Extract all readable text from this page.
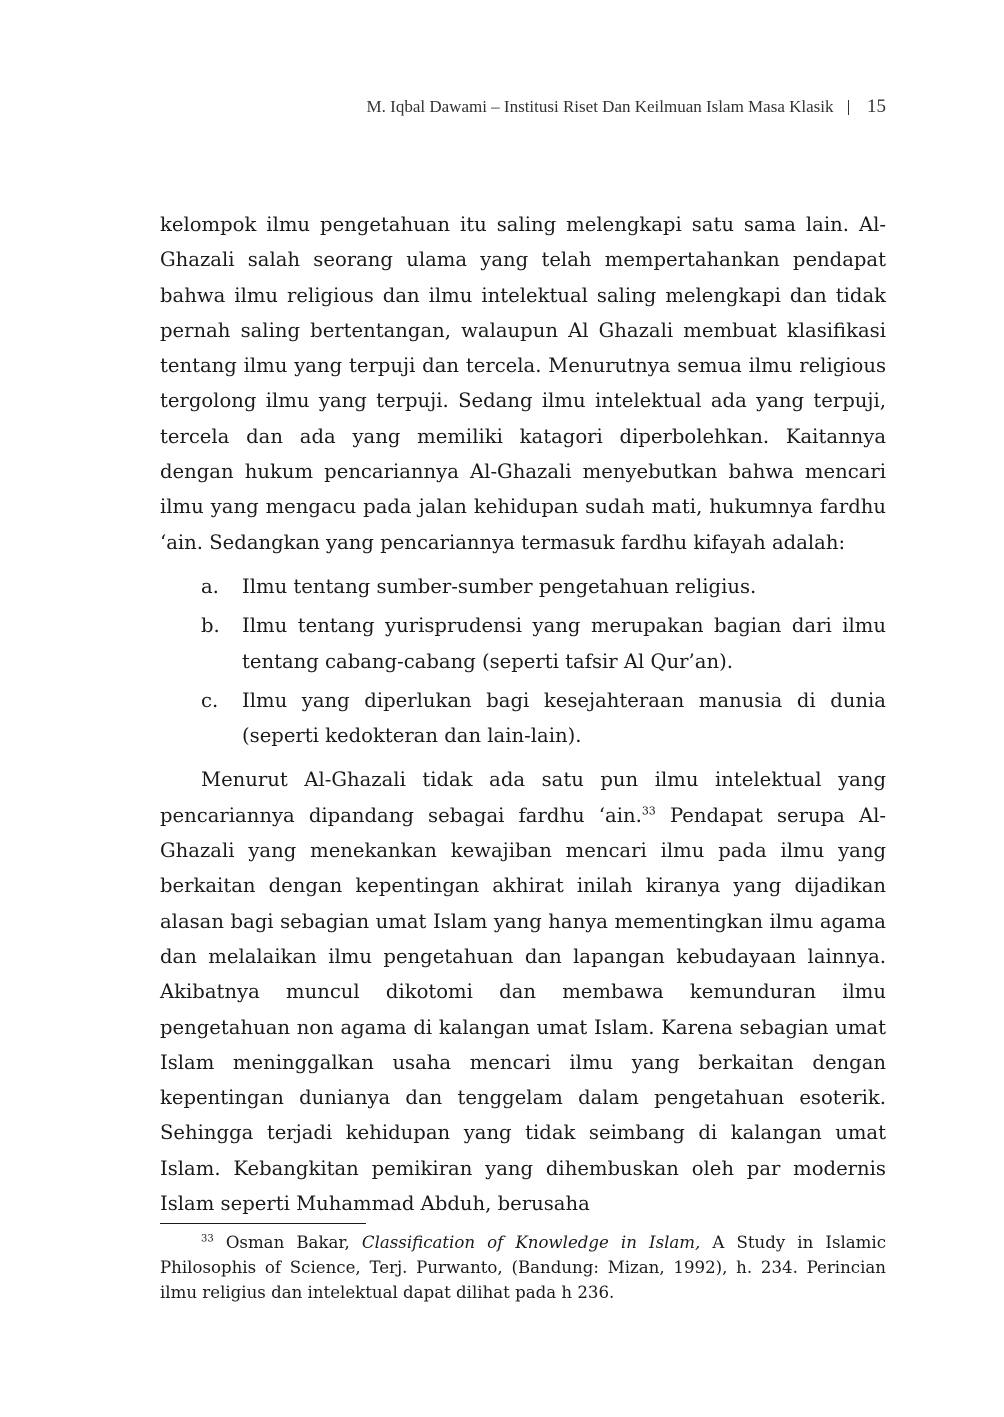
M. Iqbal Dawami – Institusi Riset Dan Keilmuan Islam Masa Klasik 15

kelompok ilmu pengetahuan itu saling melengkapi satu sama lain. Al-Ghazali salah seorang ulama yang telah mempertahankan pendapat bahwa ilmu religious dan ilmu intelektual saling melengkapi dan tidak pernah saling bertentangan, walaupun Al Ghazali membuat klasifikasi tentang ilmu yang terpuji dan tercela. Menurutnya semua ilmu religious tergolong ilmu yang terpuji. Sedang ilmu intelektual ada yang terpuji, tercela dan ada yang memiliki katagori diperbolehkan. Kaitannya dengan hukum pencariannya Al-Ghazali menyebutkan bahwa mencari ilmu yang mengacu pada jalan kehidupan sudah mati, hukumnya fardhu ‘ain. Sedangkan yang pencariannya termasuk fardhu kifayah adalah:

a. Ilmu tentang sumber-sumber pengetahuan religius.
b. Ilmu tentang yurisprudensi yang merupakan bagian dari ilmu tentang cabang-cabang (seperti tafsir Al Qur’an).
c. Ilmu yang diperlukan bagi kesejahteraan manusia di dunia (seperti kedokteran dan lain-lain).

Menurut Al-Ghazali tidak ada satu pun ilmu intelektual yang pencariannya dipandang sebagai fardhu ‘ain.$^{33}$ Pendapat serupa Al-Ghazali yang menekankan kewajiban mencari ilmu pada ilmu yang berkaitan dengan kepentingan akhirat inilah kiranya yang dijadikan alasan bagi sebagian umat Islam yang hanya mementingkan ilmu agama dan melalaikan ilmu pengetahuan dan lapangan kebudayaan lainnya. Akibatnya muncul dikotomi dan membawa kemunduran ilmu pengetahuan non agama di kalangan umat Islam. Karena sebagian umat Islam meninggalkan usaha mencari ilmu yang berkaitan dengan kepentingan dunianya dan tenggelam dalam pengetahuan esoterik. Sehingga terjadi kehidupan yang tidak seimbang di kalangan umat Islam. Kebangkitan pemikiran yang dihembuskan oleh par modernis Islam seperti Muhammad Abduh, berusaha

$^{33}$ Osman Bakar, Classification of Knowledge in Islam, A Study in Islamic Philosophis of Science, Terj. Purwanto, (Bandung: Mizan, 1992), h. 234. Perincian ilmu religius dan intelektual dapat dilihat pada h 236.
